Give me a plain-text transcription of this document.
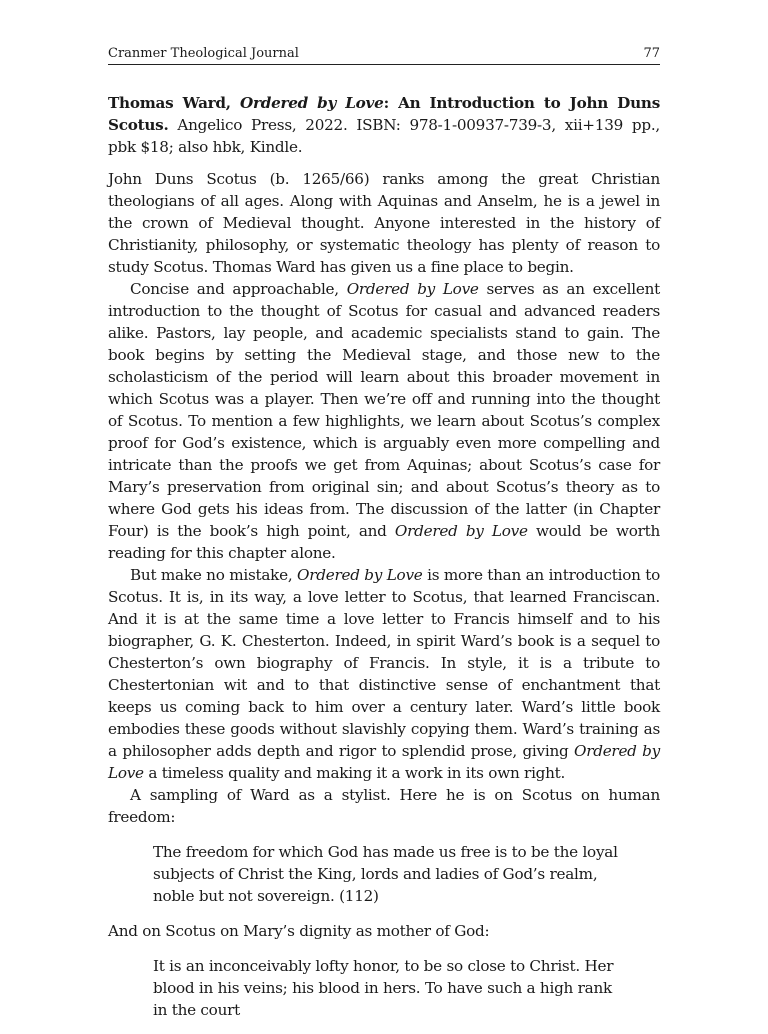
Cranmer Theological Journal	77

Thomas Ward, Ordered by Love: An Introduction to John Duns Scotus. Angelico Press, 2022. ISBN: 978-1-00937-739-3, xii+139 pp., pbk $18; also hbk, Kindle.

John Duns Scotus (b. 1265/66) ranks among the great Christian theologians of all ages. Along with Aquinas and Anselm, he is a jewel in the crown of Medieval thought. Anyone interested in the history of Christianity, philosophy, or systematic theology has plenty of reason to study Scotus. Thomas Ward has given us a fine place to begin.

Concise and approachable, Ordered by Love serves as an excellent introduction to the thought of Scotus for casual and advanced readers alike. Pastors, lay people, and academic specialists stand to gain. The book begins by setting the Medieval stage, and those new to the scholasticism of the period will learn about this broader movement in which Scotus was a player. Then we’re off and running into the thought of Scotus. To mention a few highlights, we learn about Scotus’s complex proof for God’s existence, which is arguably even more compelling and intricate than the proofs we get from Aquinas; about Scotus’s case for Mary’s preservation from original sin; and about Scotus’s theory as to where God gets his ideas from. The discussion of the latter (in Chapter Four) is the book’s high point, and Ordered by Love would be worth reading for this chapter alone.

But make no mistake, Ordered by Love is more than an introduction to Scotus. It is, in its way, a love letter to Scotus, that learned Franciscan. And it is at the same time a love letter to Francis himself and to his biographer, G. K. Chesterton. Indeed, in spirit Ward’s book is a sequel to Chesterton’s own biography of Francis. In style, it is a tribute to Chestertonian wit and to that distinctive sense of enchantment that keeps us coming back to him over a century later. Ward’s little book embodies these goods without slavishly copying them. Ward’s training as a philosopher adds depth and rigor to splendid prose, giving Ordered by Love a timeless quality and making it a work in its own right.

A sampling of Ward as a stylist. Here he is on Scotus on human freedom:

The freedom for which God has made us free is to be the loyal subjects of Christ the King, lords and ladies of God’s realm, noble but not sovereign. (112)

And on Scotus on Mary’s dignity as mother of God:

It is an inconceivably lofty honor, to be so close to Christ. Her blood in his veins; his blood in hers. To have such a high rank in the court
